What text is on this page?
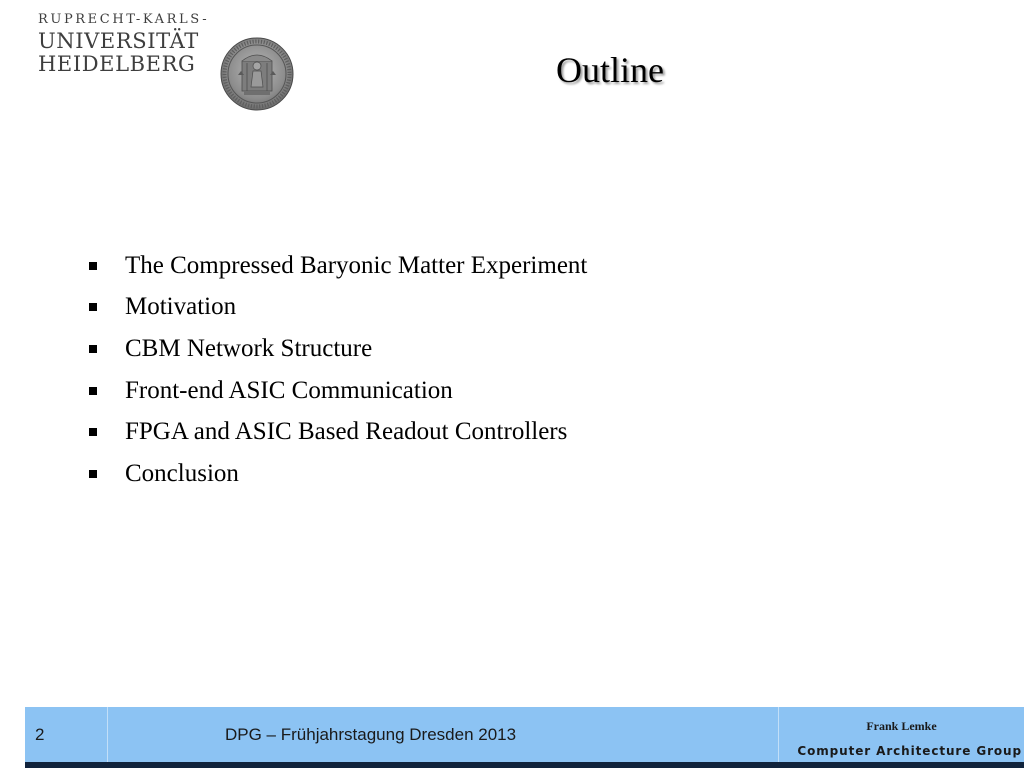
RUPRECHT-KARLS-
UNIVERSITÄT
HEIDELBERG	Outline
The Compressed Baryonic Matter Experiment
Motivation
CBM Network Structure
Front-end ASIC Communication
FPGA and ASIC Based Readout Controllers
Conclusion
2	DPG – Frühjahrstagung Dresden 2013	Frank Lemke
Computer Architecture Group
